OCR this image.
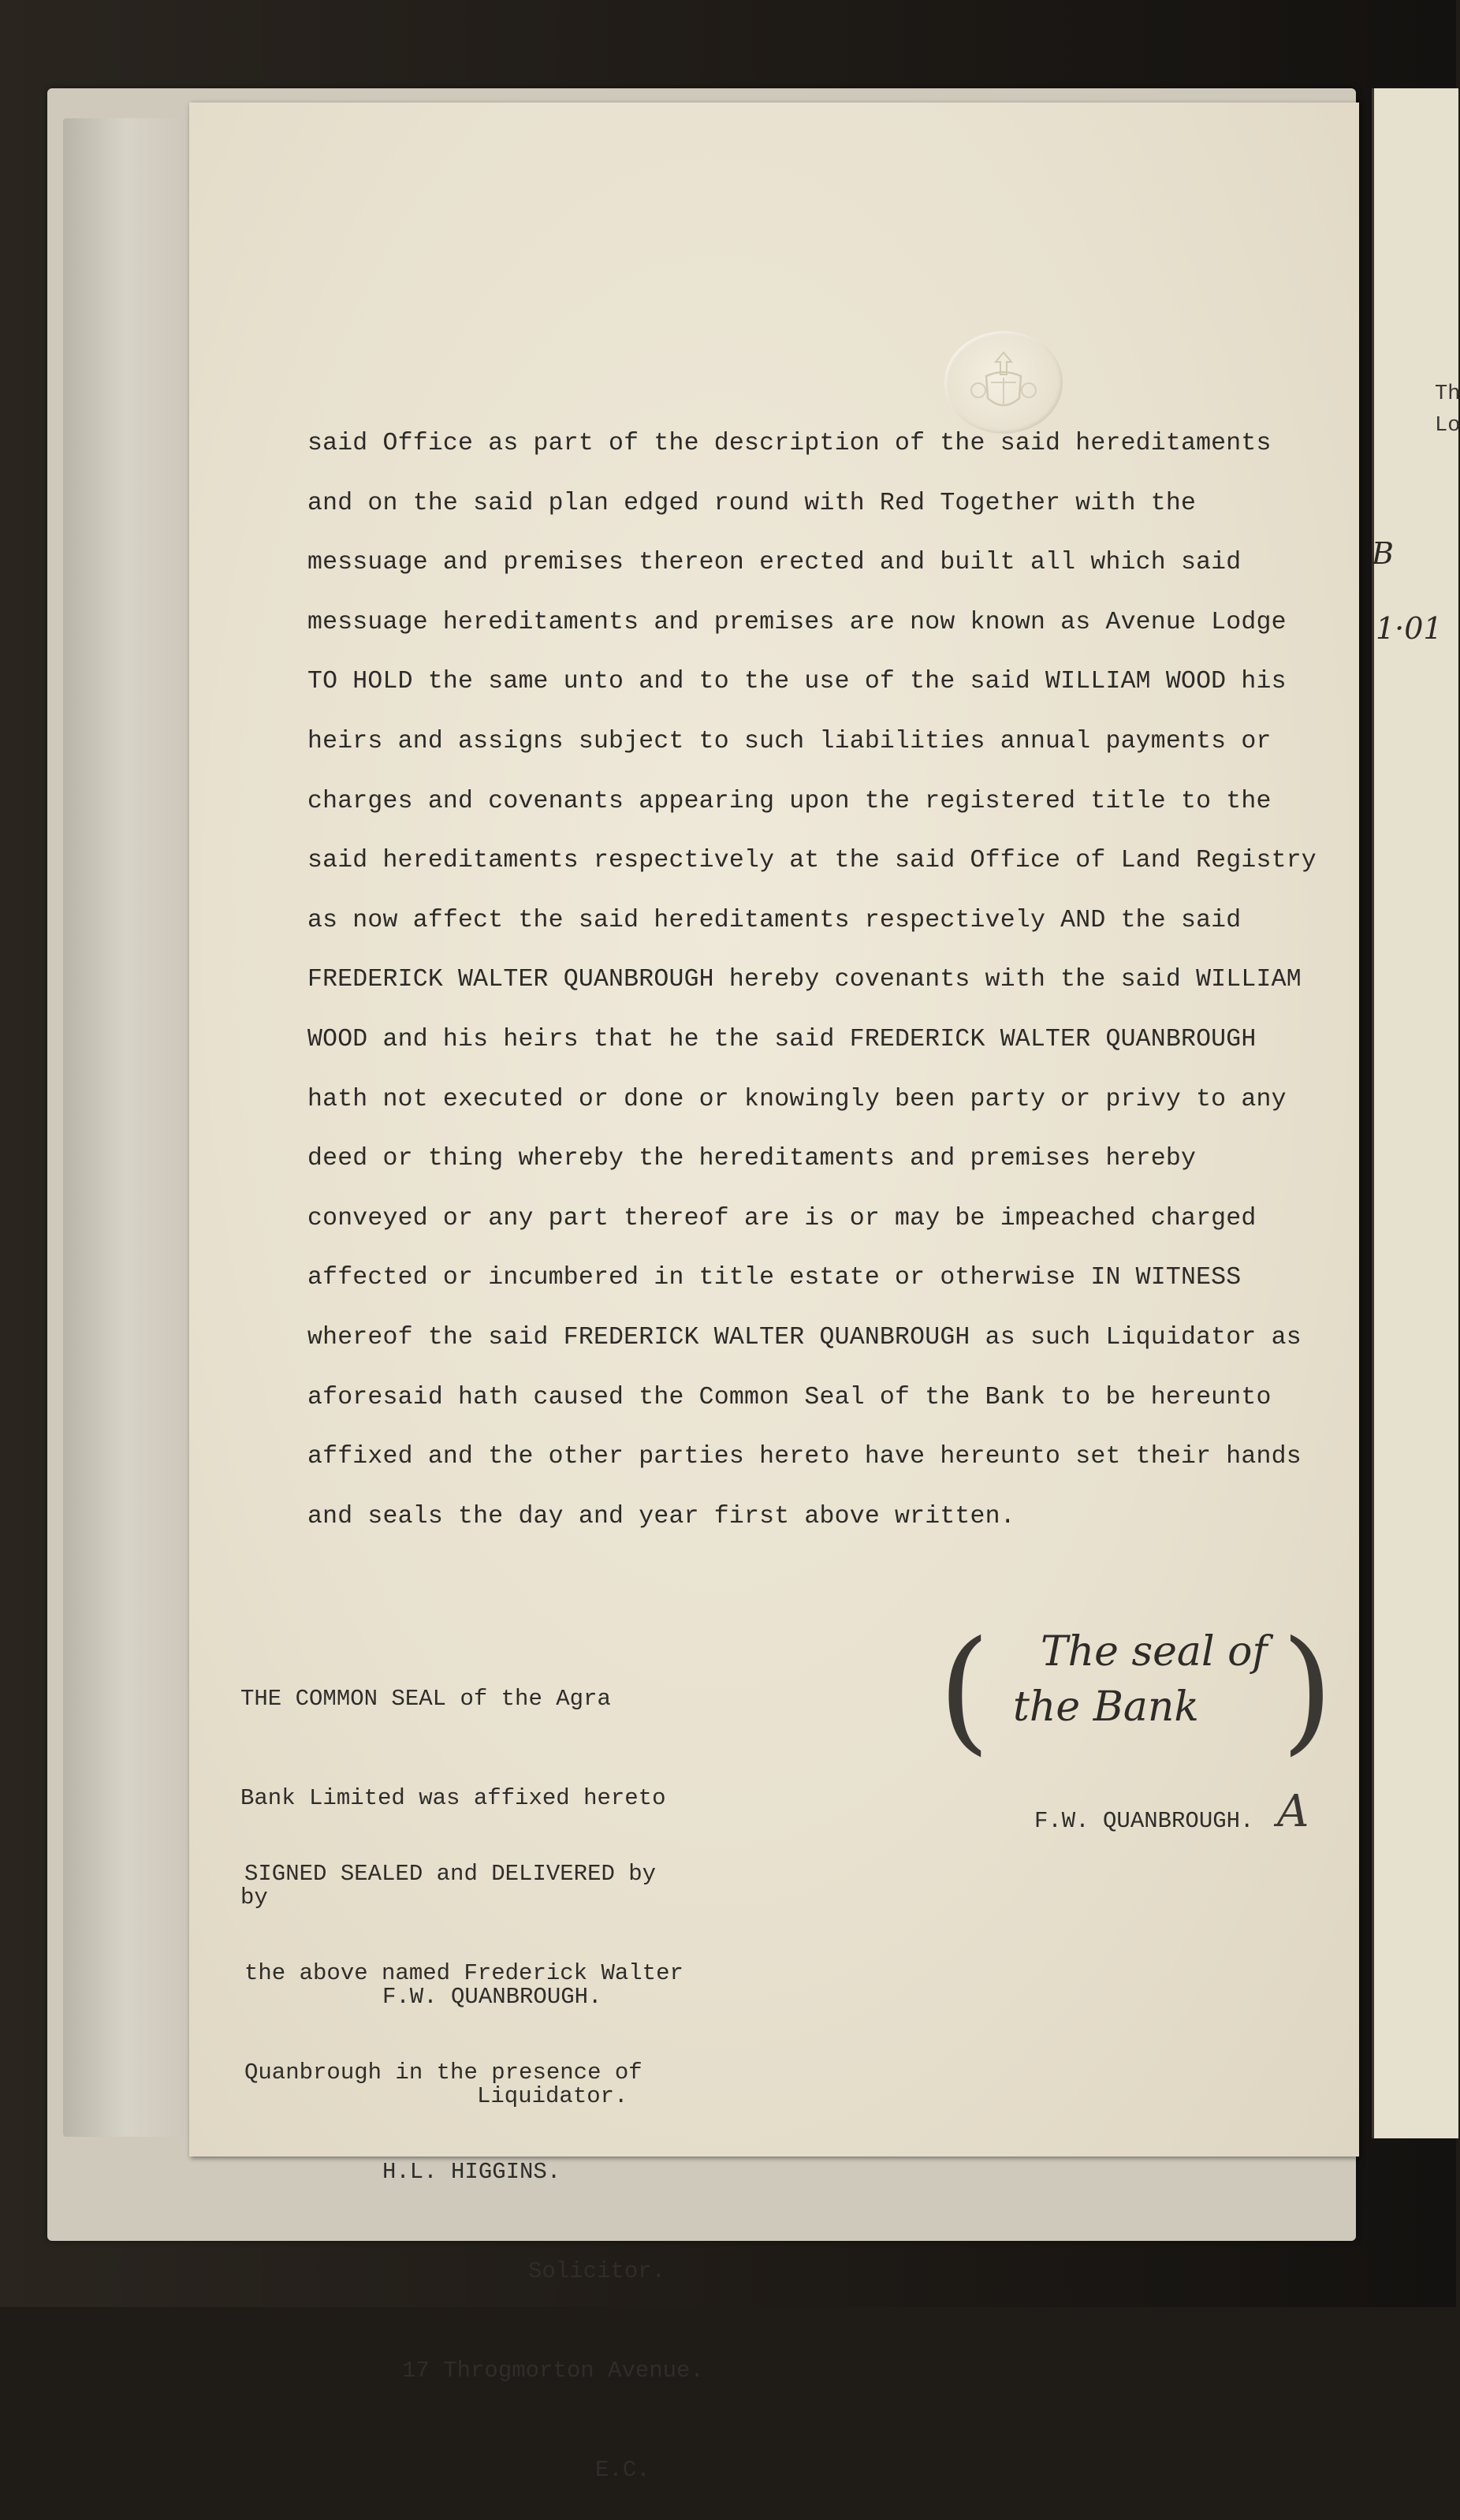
Th
Lo
said Office as part of the description of the said hereditaments
and on the said plan edged round with Red Together with the
messuage and premises thereon erected and built all which said
messuage hereditaments and premises are now known as Avenue Lodge
TO HOLD the same unto and to the use of the said WILLIAM WOOD his
heirs and assigns subject to such liabilities annual payments or
charges and covenants appearing upon the registered title to the
said hereditaments respectively at the said Office of Land Registry
as now affect the said hereditaments respectively AND the said
FREDERICK WALTER QUANBROUGH hereby covenants with the said WILLIAM
WOOD and his heirs that he the said FREDERICK WALTER QUANBROUGH
hath not executed or done or knowingly been party or privy to any
deed or thing whereby the hereditaments and premises hereby
conveyed or any part thereof are is or may be impeached charged
affected or incumbered in title estate or otherwise IN WITNESS
whereof the said FREDERICK WALTER QUANBROUGH as such Liquidator as
aforesaid hath caused the Common Seal of the Bank to be hereunto
affixed and the other parties hereto have hereunto set their hands
and seals the day and year first above written.
B
1·01

THE COMMON SEAL of the Agra

Bank Limited was affixed hereto

by

F.W. QUANBROUGH.

Liquidator.

SIGNED SEALED and DELIVERED by

the above named Frederick Walter

Quanbrough in the presence of

H.L. HIGGINS.

Solicitor.

17 Throgmorton Avenue.

E.C.

( The seal of
the Bank )
F.W. QUANBROUGH. A
